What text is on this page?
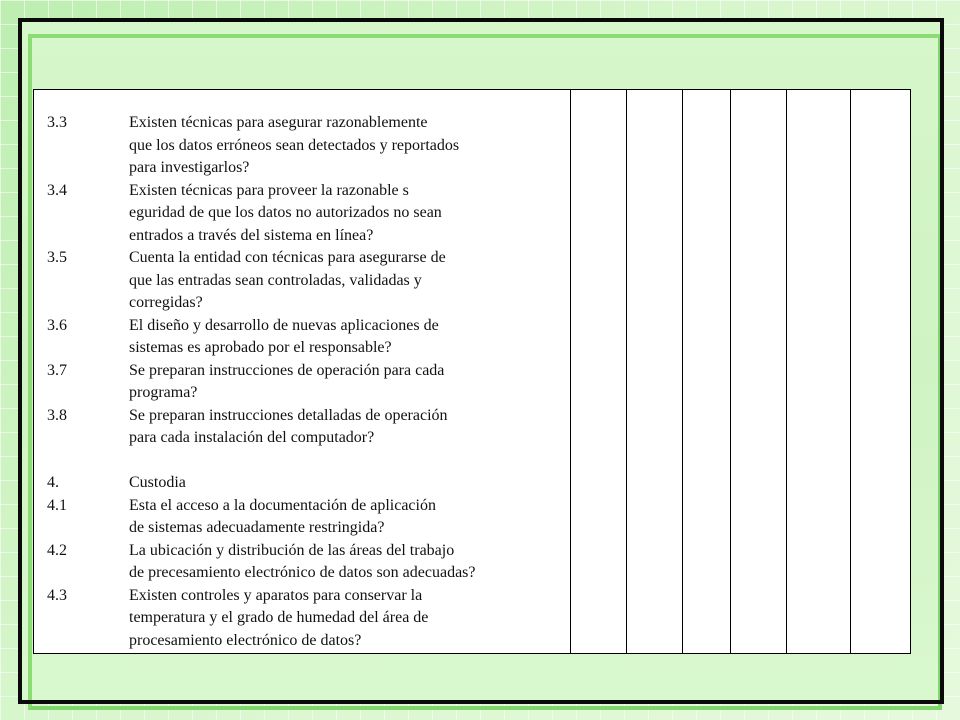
3.3	Existen técnicas para asegurar razonablemente
que los datos erróneos sean detectados y reportados
para investigarlos?
3.4	Existen técnicas para proveer la razonable s
eguridad de que los datos no autorizados no sean
entrados a través del sistema en línea?
3.5	Cuenta la entidad con técnicas para asegurarse de
que las entradas sean controladas, validadas y
corregidas?
3.6	El diseño y desarrollo de nuevas aplicaciones de
sistemas es aprobado por el responsable?
3.7	Se preparan instrucciones de operación para cada
programa?
3.8	Se preparan instrucciones detalladas de operación
para cada instalación del computador?
4.	Custodia
4.1	Esta el acceso a la documentación de aplicación
de sistemas adecuadamente restringida?
4.2	La ubicación y distribución de las áreas del trabajo
de precesamiento electrónico de datos son adecuadas?
4.3	Existen controles y aparatos para conservar la
temperatura y el grado de humedad del área de
procesamiento electrónico de datos?
